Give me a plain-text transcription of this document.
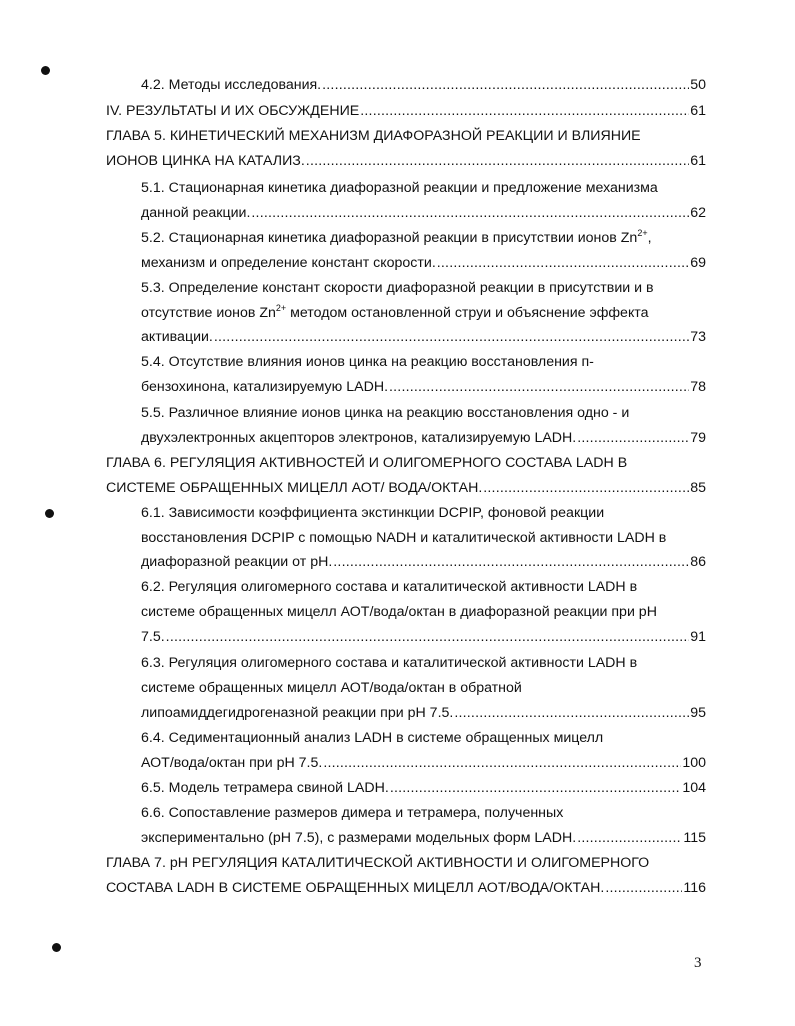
4.2. Методы исследования. .....	50
IV. РЕЗУЛЬТАТЫ И ИХ ОБСУЖДЕНИЕ .....	61
ГЛАВА 5. КИНЕТИЧЕСКИЙ МЕХАНИЗМ ДИАФОРАЗНОЙ РЕАКЦИИ И ВЛИЯНИЕ
ИОНОВ ЦИНКА НА КАТАЛИЗ. .....	61
5.1. Стационарная кинетика диафоразной реакции и предложение механизма
данной реакции. .....	62
5.2. Стационарная кинетика диафоразной реакции в присутствии ионов $Zn^{2+}$,
механизм и определение констант скорости. .....	69
5.3. Определение констант скорости диафоразной реакции в присутствии и в
отсутствие ионов $Zn^{2+}$ методом остановленной струи и объяснение эффекта
активации. .....	73
5.4. Отсутствие влияния ионов цинка на реакцию восстановления п-
бензохинона, катализируемую LADH. .....	78
5.5. Различное влияние ионов цинка на реакцию восстановления одно - и
двухэлектронных акцепторов электронов, катализируемую LADH. .....	79
ГЛАВА 6. РЕГУЛЯЦИЯ АКТИВНОСТЕЙ И ОЛИГОМЕРНОГО СОСТАВА LADH В
СИСТЕМЕ ОБРАЩЕННЫХ МИЦЕЛЛ АОТ/ ВОДА/ОКТАН. .....	85
6.1. Зависимости коэффициента экстинкции DCPIP, фоновой реакции
восстановления DCPIP с помощью NADH и каталитической активности LADH в
диафоразной реакции от pH. .....	86
6.2. Регуляция олигомерного состава и каталитической активности LADH в
системе обращенных мицелл АОТ/вода/октан в диафоразной реакции при pH
7.5. .....	91
6.3. Регуляция олигомерного состава и каталитической активности LADH в
системе обращенных мицелл АОТ/вода/октан в обратной
липоамиддегидрогеназной реакции при pH 7.5. .....	95
6.4. Седиментационный анализ LADH в системе обращенных мицелл
АОТ/вода/октан при pH 7.5. .....	100
6.5. Модель тетрамера свиной LADH. .....	104
6.6. Сопоставление размеров димера и тетрамера, полученных
экспериментально (pH 7.5), с размерами модельных форм LADH. .....	115
ГЛАВА 7. pH РЕГУЛЯЦИЯ КАТАЛИТИЧЕСКОЙ АКТИВНОСТИ И ОЛИГОМЕРНОГО
СОСТАВА LADH В СИСТЕМЕ ОБРАЩЕННЫХ МИЦЕЛЛ АОТ/ВОДА/ОКТАН. .....	116
3
